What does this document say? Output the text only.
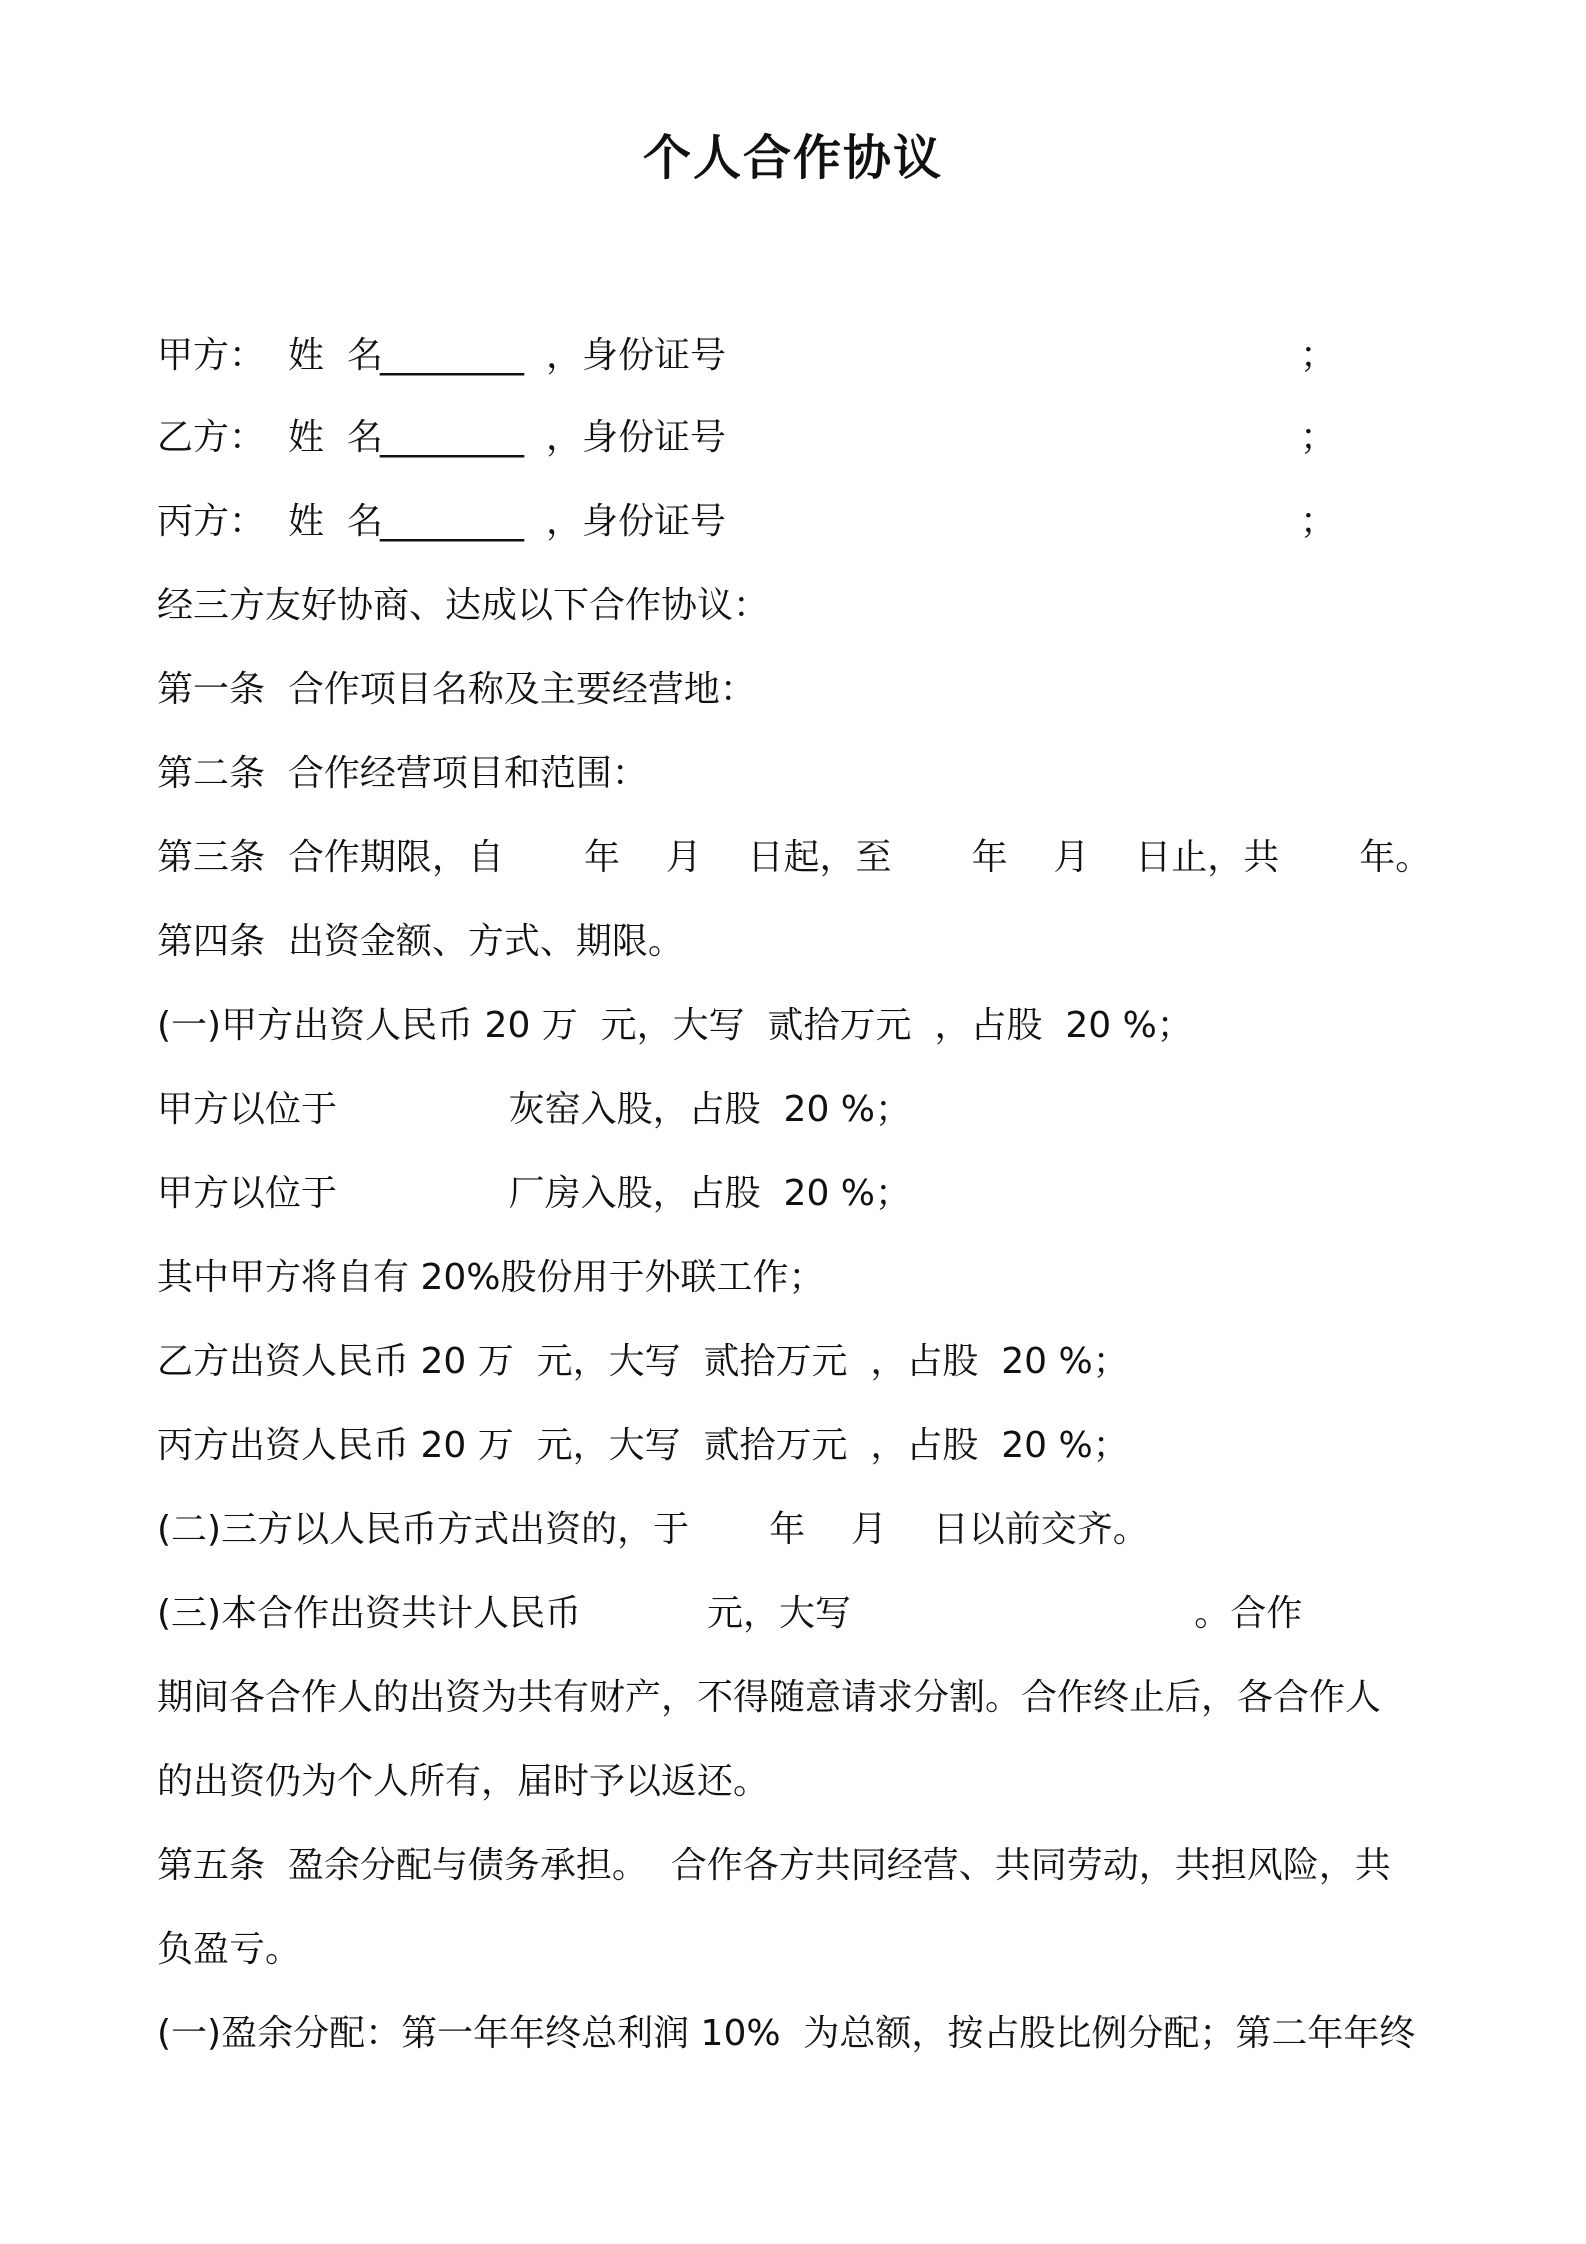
个人合作协议
甲方： 姓  名
________ ，身份证号	；
乙方： 姓  名
________ ，身份证号	；
丙方： 姓  名
________ ，身份证号	；

经三方友好协商、达成以下合作协议：

第一条  合作项目名称及主要经营地：

第二条  合作经营项目和范围：

第三条  合作期限，自       年    月    日起，至       年    月    日止，共       年。

第四条  出资金额、方式、期限。

(一)甲方出资人民币 20 万  元，大写  贰拾万元  ，占股  20 %；

甲方以位于               灰窑入股，占股  20 %；

甲方以位于               厂房入股，占股  20 %；

其中甲方将自有 20%股份用于外联工作；

乙方出资人民币 20 万  元，大写  贰拾万元  ，占股  20 %；

丙方出资人民币 20 万  元，大写  贰拾万元  ，占股  20 %；

(二)三方以人民币方式出资的，于       年    月    日以前交齐。

(三)本合作出资共计人民币           元，大写                              。合作

期间各合作人的出资为共有财产，不得随意请求分割。合作终止后，各合作人

的出资仍为个人所有，届时予以返还。

第五条  盈余分配与债务承担。  合作各方共同经营、共同劳动，共担风险，共

负盈亏。

(一)盈余分配：第一年年终总利润 10%  为总额，按占股比例分配；第二年年终
